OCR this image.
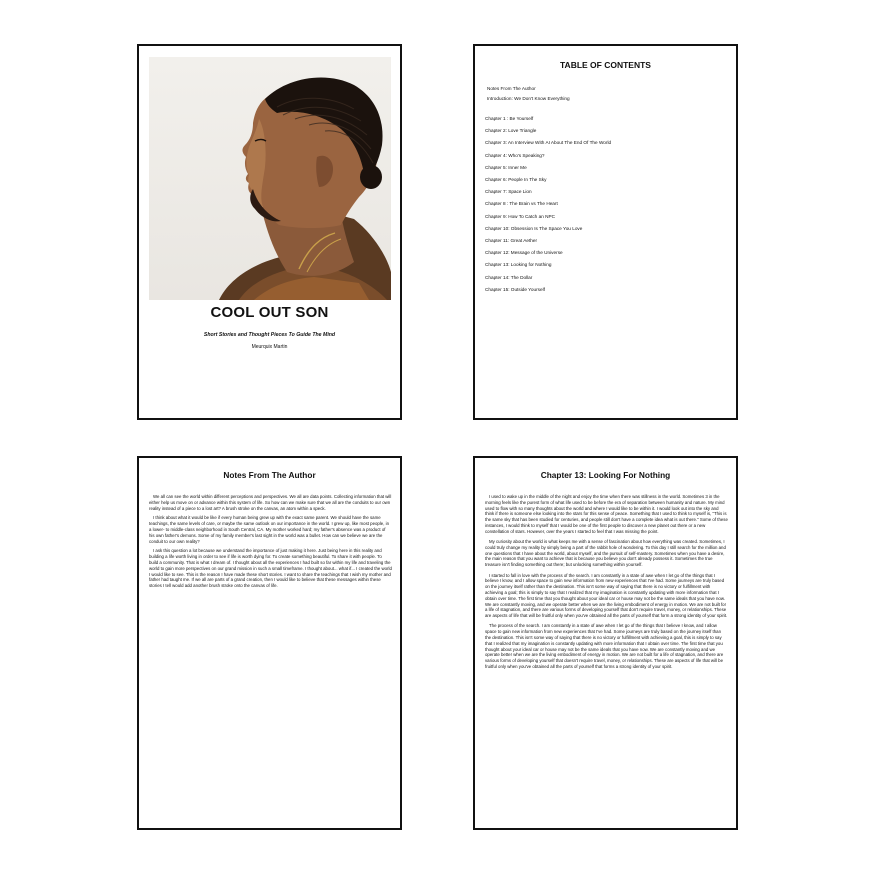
COOL OUT SON
Short Stories and Thought Pieces To Guide The Mind
Meurquix Martin
TABLE OF CONTENTS
Notes From The Author
Introduction: We Don't Know Everything
Chapter 1 : Be Yourself
Chapter 2: Love Triangle
Chapter 3: An Interview With AI About The End Of The World
Chapter 4: Who's Speaking?
Chapter 5: Inner Me
Chapter 6: People In The Sky
Chapter 7: Space Lion
Chapter 8 : The Brain vs The Heart
Chapter 9: How To Catch an NPC
Chapter 10: Obsession Is The Space You Love
Chapter 11: Great Aether
Chapter 12: Message of the Universe
Chapter 13: Looking for Nothing
Chapter 14: The Dollar
Chapter 15: Outside Yourself
Notes From The Author

We all can see the world within different perceptions and perspectives. We all are data points. Collecting information that will either help us move on or advance within this system of life. So how can we make sure that we all are the conduits to our own reality instead of a piece to a lost art? A brush stroke on the canvas, an atom within a speck.

I think about what it would be like if every human being grew up with the exact same parent. We should have the same teachings, the same levels of care, or maybe the same outlook on our importance in the world. I grew up, like most people, in a lower- to middle-class neighborhood in South Central, CA. My mother worked hard; my father's absence was a product of his own father's demons. Some of my family member's last sight in the world was a bullet. How can we believe we are the conduit to our own reality?

I ask this question a lot because we understand the importance of just making it here. Just being here in this reality and building a life worth living in order to see if life is worth dying for. To create something beautiful. To share it with people. To build a community. That is what I dream of. I thought about all the experiences I had built so far within my life and traveling the world to gain more perspectives on our grand mission in such a small timeframe. I thought about... what if... I created the world I would like to see. This is the reason I have made these short stories. I want to share the teachings that I wish my mother and father had taught me. If we all are parts of a grand creation, then I would like to believe that these messages within these stories I tell would add another brush stroke onto the canvas of life.

Chapter 13: Looking For Nothing

I used to wake up in the middle of the night and enjoy the time when there was stillness in the world. Sometimes 3 in the morning feels like the purest form of what life used to be before the era of separation between humanity and nature. My mind used to flow with so many thoughts about the world and where I would like to be within it. I would look out into the sky and think if there is someone else looking into the stars for this sense of peace. Something that I used to think to myself is, "This is the same sky that has been studied for centuries, and people still don't have a complete idea what is out there." Some of these instances, I would think to myself that I would be one of the first people to discover a new planet out there or a new constellation of stars. However, over the years I started to feel that I was missing the point.

My curiosity about the world is what keeps me with a sense of fascination about how everything was created. Sometimes, I could truly change my reality by simply being a part of the rabbit hole of wondering. To this day I still search for the million and one questions that I have about the world, about myself, and the pursuit of self-mastery. Sometimes when you have a desire, the main reason that you want to achieve that is because you believe you don't already possess it. Sometimes the true treasure isn't finding something out there; but unlocking something within yourself.

I started to fall in love with the process of the search. I am constantly in a state of awe when I let go of the things that I believe I know, and I allow space to gain new information from new experiences that I've had. Some journeys are truly based on the journey itself rather than the destination. This isn't some way of saying that there is no victory or fulfillment with achieving a goal; this is simply to say that I realized that my imagination is constantly updating with more information that I obtain over time. The first time that you thought about your ideal car or house may not be the same ideals that you have now. We are constantly moving, and we operate better when we are the living embodiment of energy in motion. We are not built for a life of stagnation, and there are various forms of developing yourself that don't require travel, money, or relationships. These are aspects of life that will be fruitful only when you've obtained all the parts of yourself that form a strong identity of your spirit.

The process of the search. I am constantly in a state of awe when I let go of the things that I believe I know, and I allow space to gain new information from new experiences that I've had. Some journeys are truly based on the journey itself than the destination. This isn't some way of saying that there is no victory or fulfillment with achieving a goal, this is simply to say that I realized that my imagination is constantly updating with more information that I obtain over time. The first time that you thought about your ideal car or house may not be the same ideals that you have now. We are constantly moving and we operate better when we are the living embodiment of energy in motion. We are not built for a life of stagnation, and there are various forms of developing yourself that doesn't require travel, money, or relationships. These are aspects of life that will be fruitful only when you've obtained all the parts of yourself that forms a strong identity of your spirit.
